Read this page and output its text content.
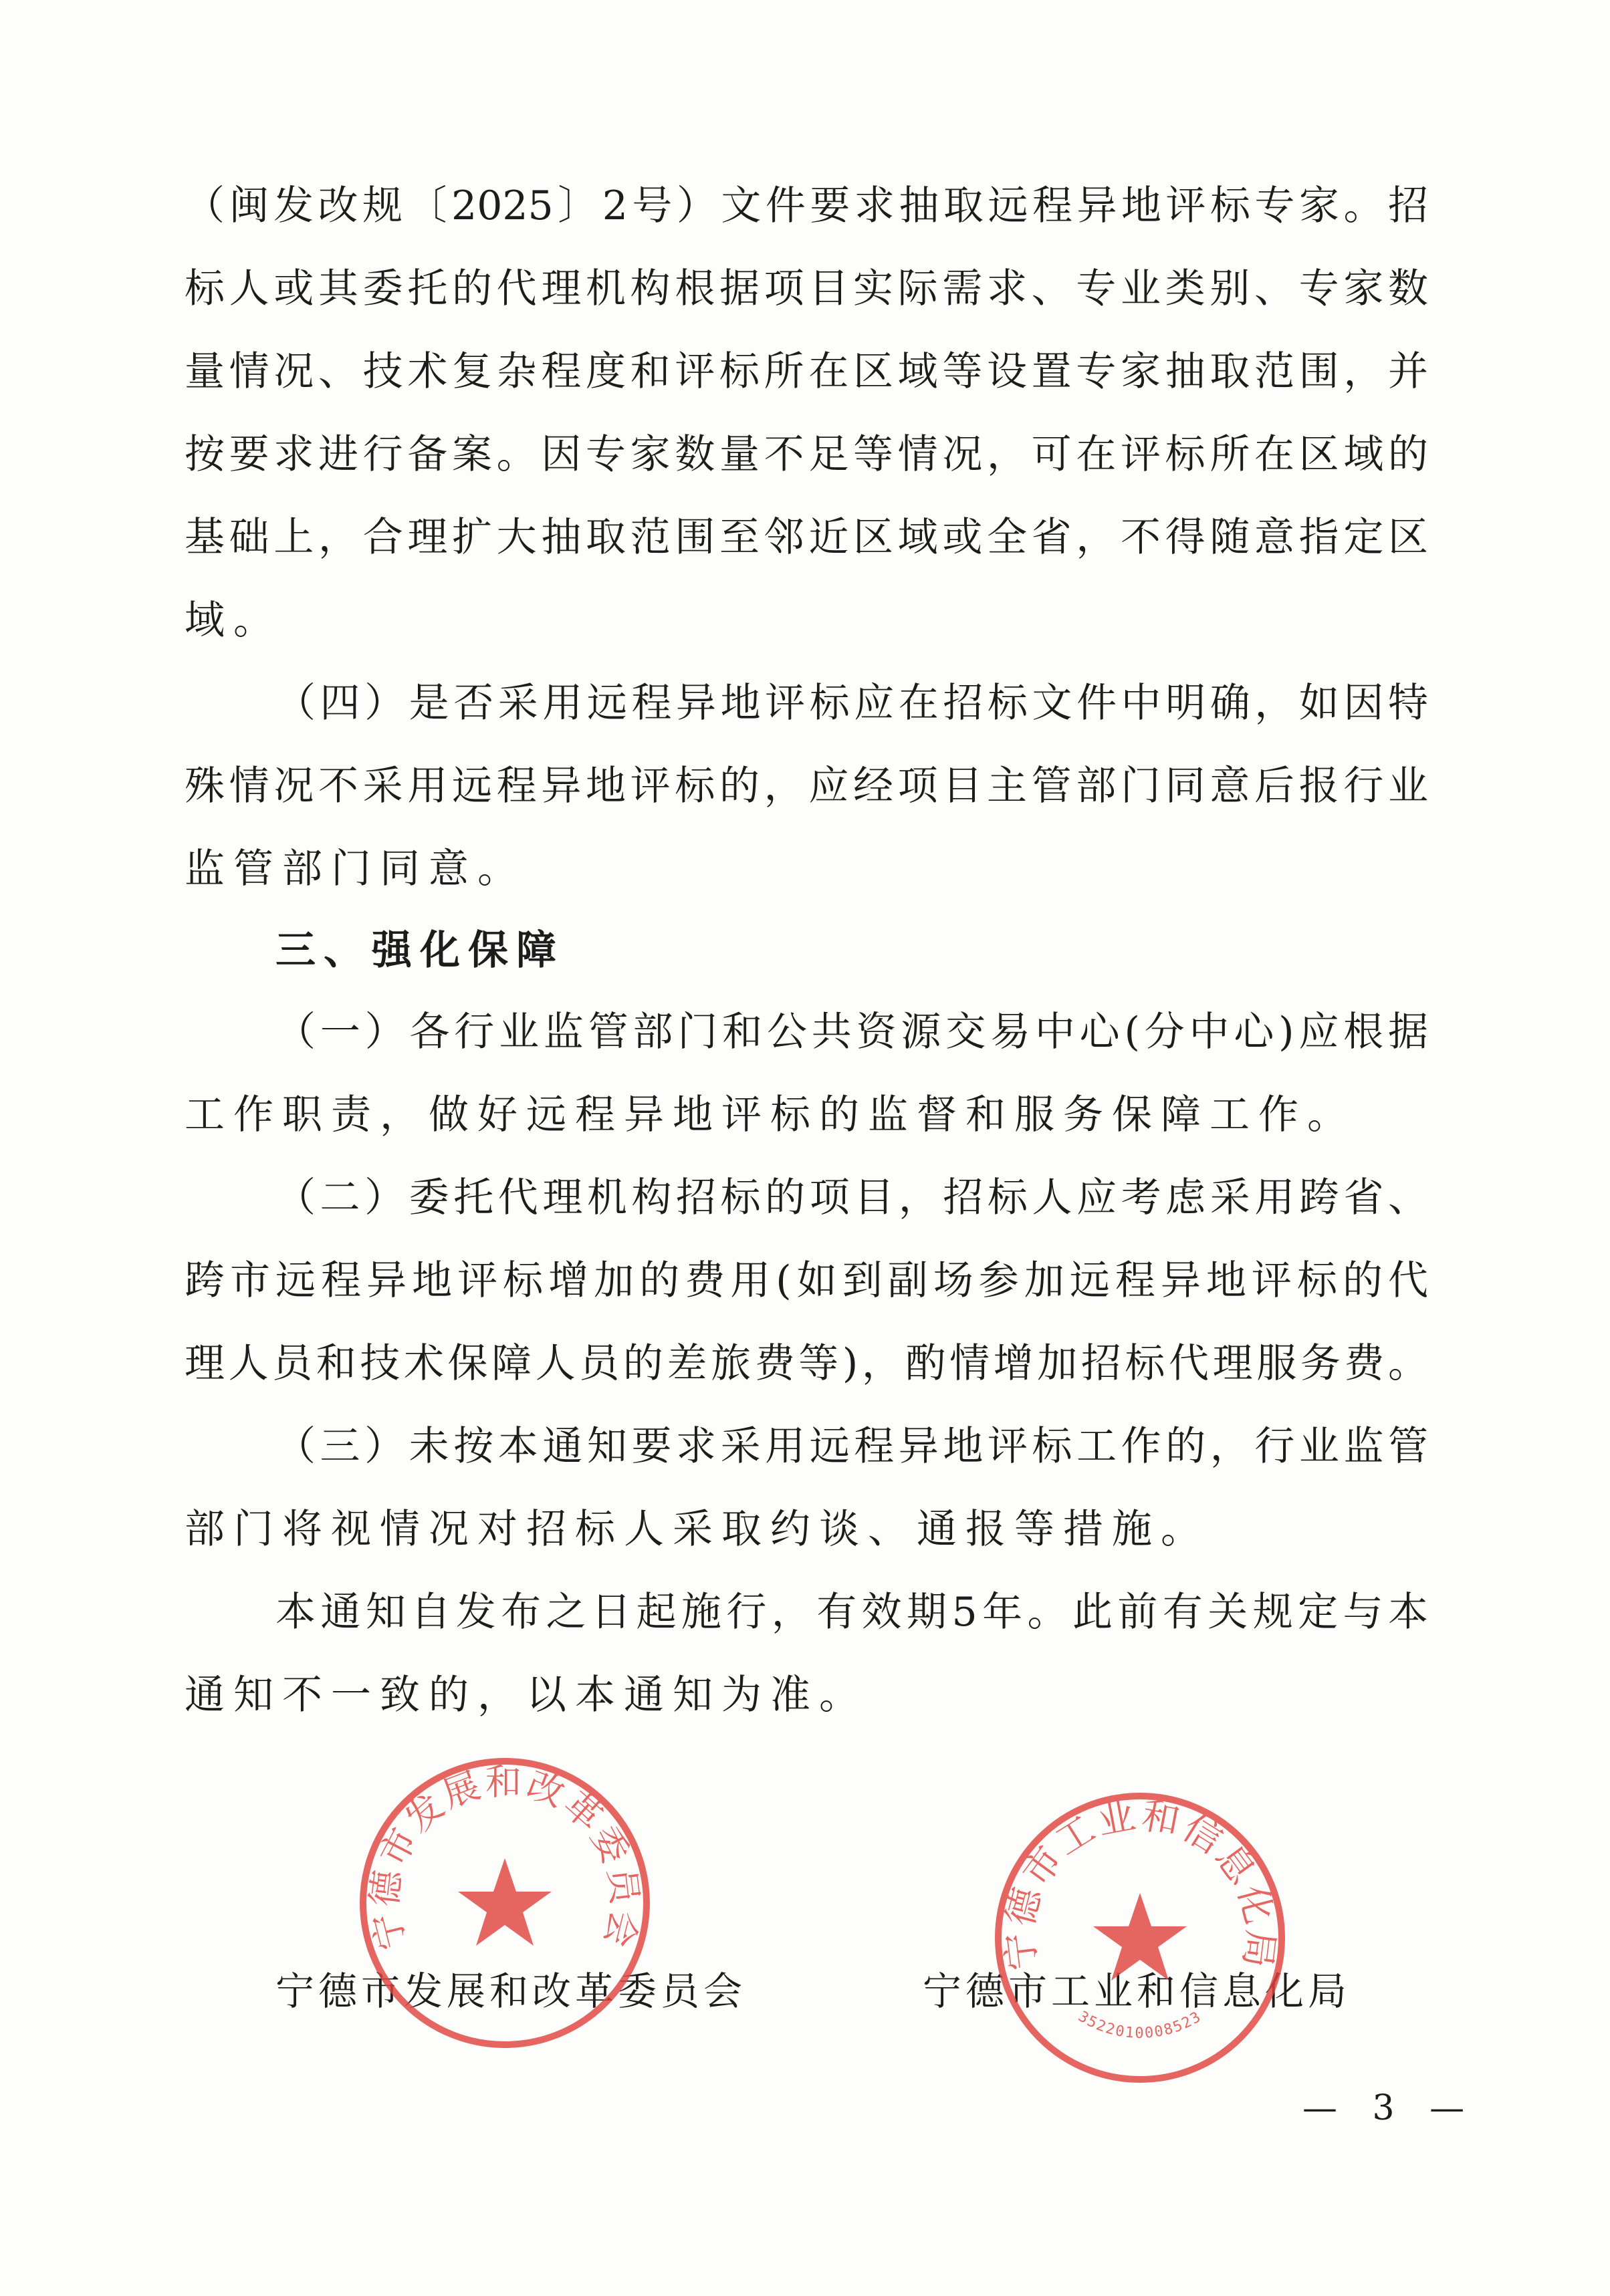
（闽发改规〔2025〕2号）文件要求抽取远程异地评标专家。招
标人或其委托的代理机构根据项目实际需求、专业类别、专家数
量情况、技术复杂程度和评标所在区域等设置专家抽取范围，并
按要求进行备案。因专家数量不足等情况，可在评标所在区域的
基础上，合理扩大抽取范围至邻近区域或全省，不得随意指定区
域。
（四）是否采用远程异地评标应在招标文件中明确，如因特
殊情况不采用远程异地评标的，应经项目主管部门同意后报行业
监管部门同意。
三、强化保障
（一）各行业监管部门和公共资源交易中心(分中心)应根据
工作职责，做好远程异地评标的监督和服务保障工作。
（二）委托代理机构招标的项目，招标人应考虑采用跨省、
跨市远程异地评标增加的费用(如到副场参加远程异地评标的代
理人员和技术保障人员的差旅费等)，酌情增加招标代理服务费。
（三）未按本通知要求采用远程异地评标工作的，行业监管
部门将视情况对招标人采取约谈、通报等措施。
本通知自发布之日起施行，有效期5年。此前有关规定与本
通知不一致的，以本通知为准。
宁德市发展和改革委员会	宁德市工业和信息化局
宁德市发展和改革委员会	宁德市工业和信息化局
3522010008523
— 3 —
